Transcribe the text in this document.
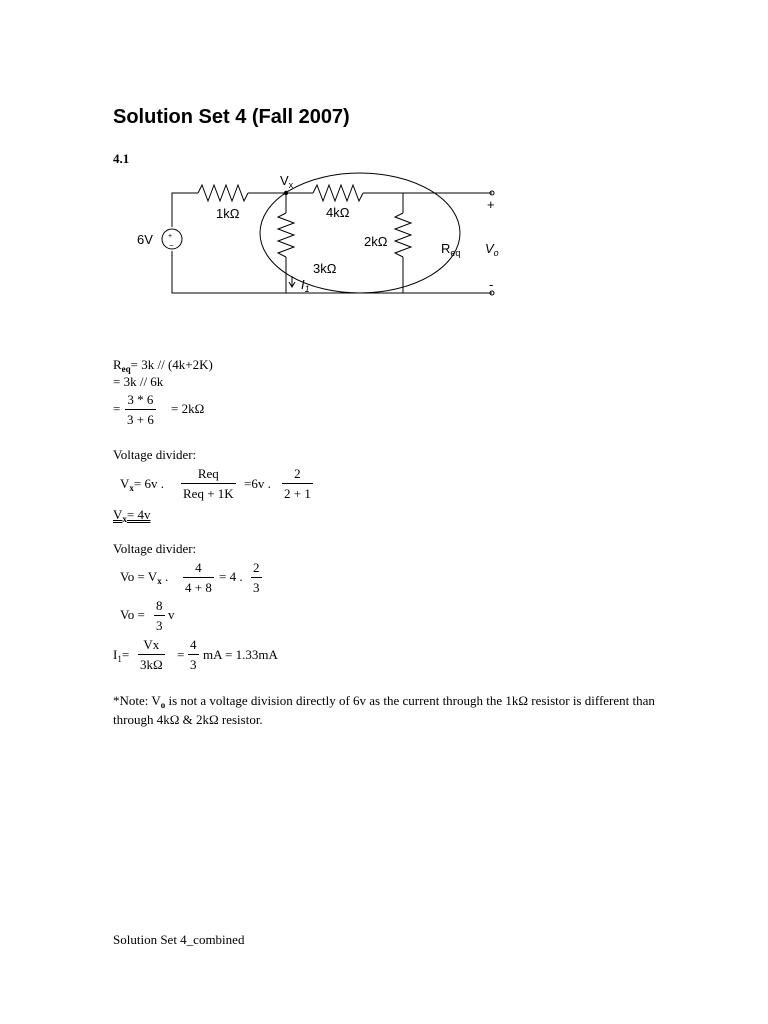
Solution Set 4 (Fall 2007)
4.1
+
−
6V
$V_x$
1kΩ	4kΩ
2kΩ
3kΩ
$R_{eq}$ $V_o$
$I_1$
+
-
$R_{eq}= 3k // (4k+2K)$
= 3k // 6k
= $\frac{3 * 6}{3 + 6} = 2k\Omega$
Voltage divider:
$V_x= 6v$ .
Req
Req + 1K
=6v . $\frac{2}{2 + 1}$
$V_x= 4v$
Voltage divider:
$Vo = V_x$ . $\frac{4}{4 + 8} = 4$ . $\frac{2}{3}$
$Vo = \frac{8}{3}$ v
$I_1= \frac{Vx}{3k\Omega} = \frac{4}{3}$ mA = 1.33mA
*Note: $V_o$ is not a voltage division directly of 6v as the current through the 1kΩ resistor is different than through 4kΩ & 2kΩ resistor.
Solution Set 4_combined
